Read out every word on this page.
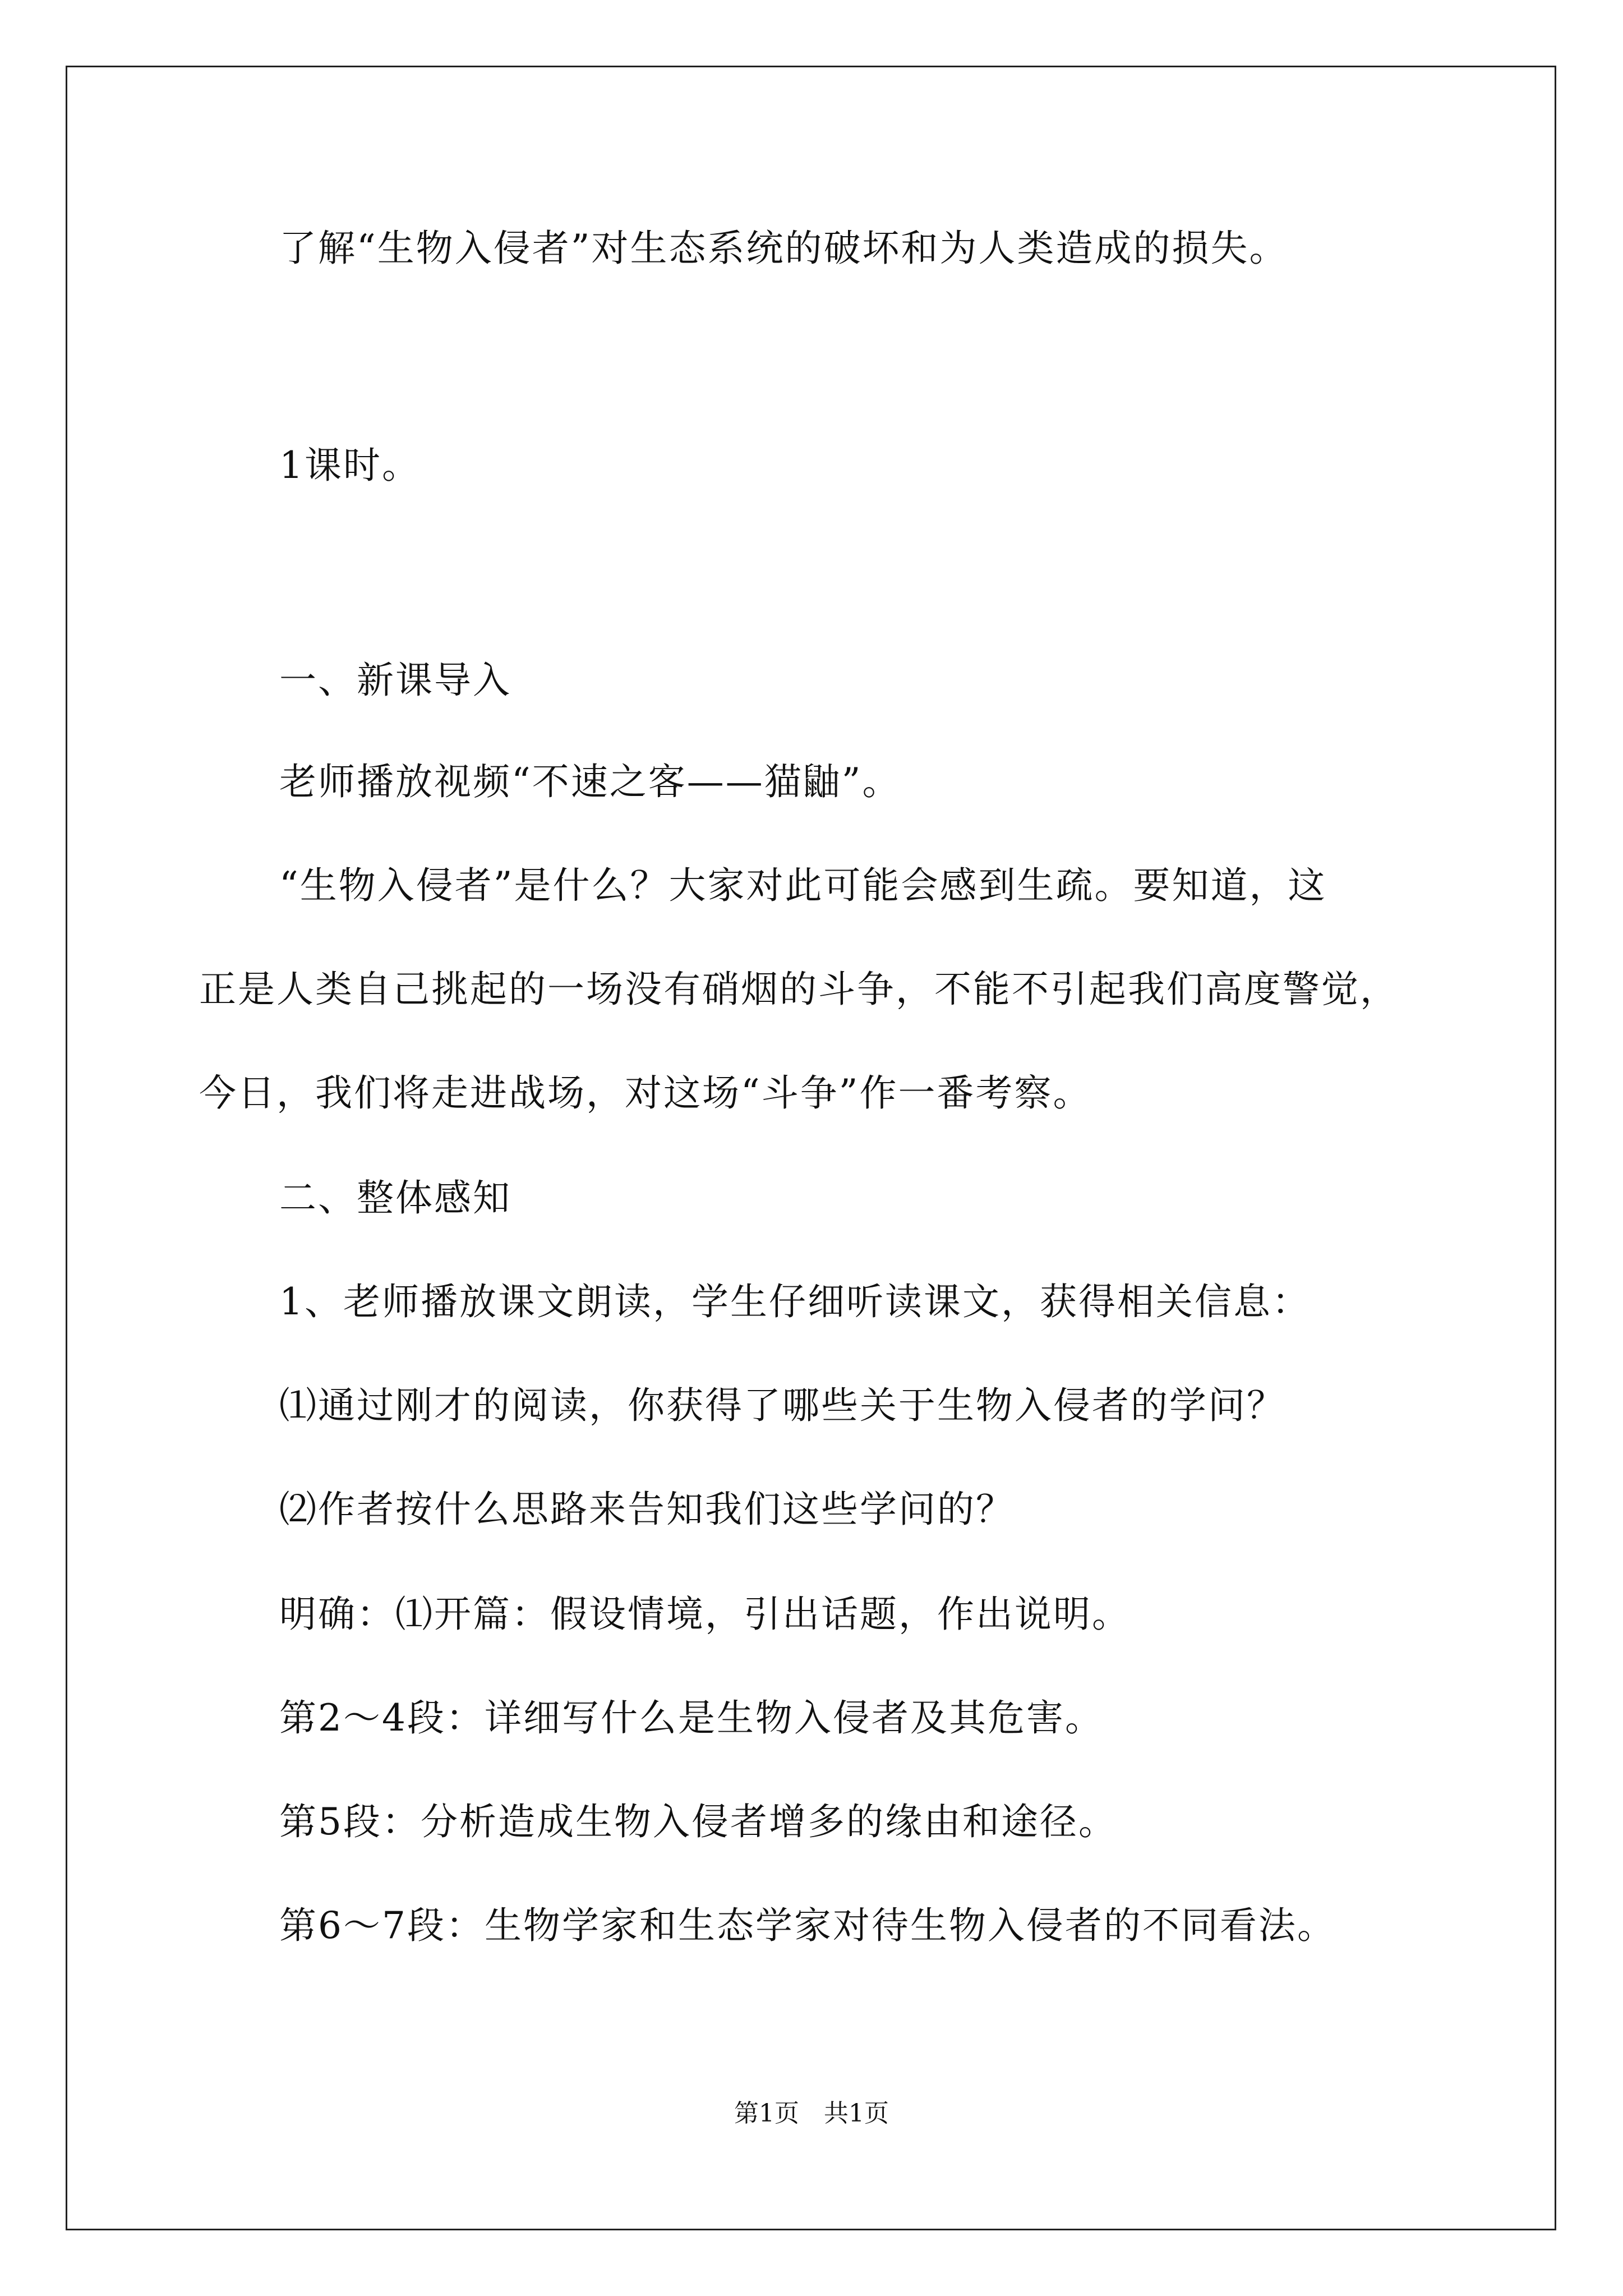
了解“生物入侵者”对生态系统的破坏和为人类造成的损失。
1课时。
一、新课导入
老师播放视频“不速之客——猫鼬”。
“生物入侵者”是什么？大家对此可能会感到生疏。要知道，这
正是人类自己挑起的一场没有硝烟的斗争，不能不引起我们高度警觉，
今日，我们将走进战场，对这场“斗争”作一番考察。
二、整体感知
1、老师播放课文朗读，学生仔细听读课文，获得相关信息：
⑴通过刚才的阅读，你获得了哪些关于生物入侵者的学问？
⑵作者按什么思路来告知我们这些学问的？
明确：⑴开篇：假设情境，引出话题，作出说明。
第2～4段：详细写什么是生物入侵者及其危害。
第5段：分析造成生物入侵者增多的缘由和途径。
第6～7段：生物学家和生态学家对待生物入侵者的不同看法。
第1页　共1页
